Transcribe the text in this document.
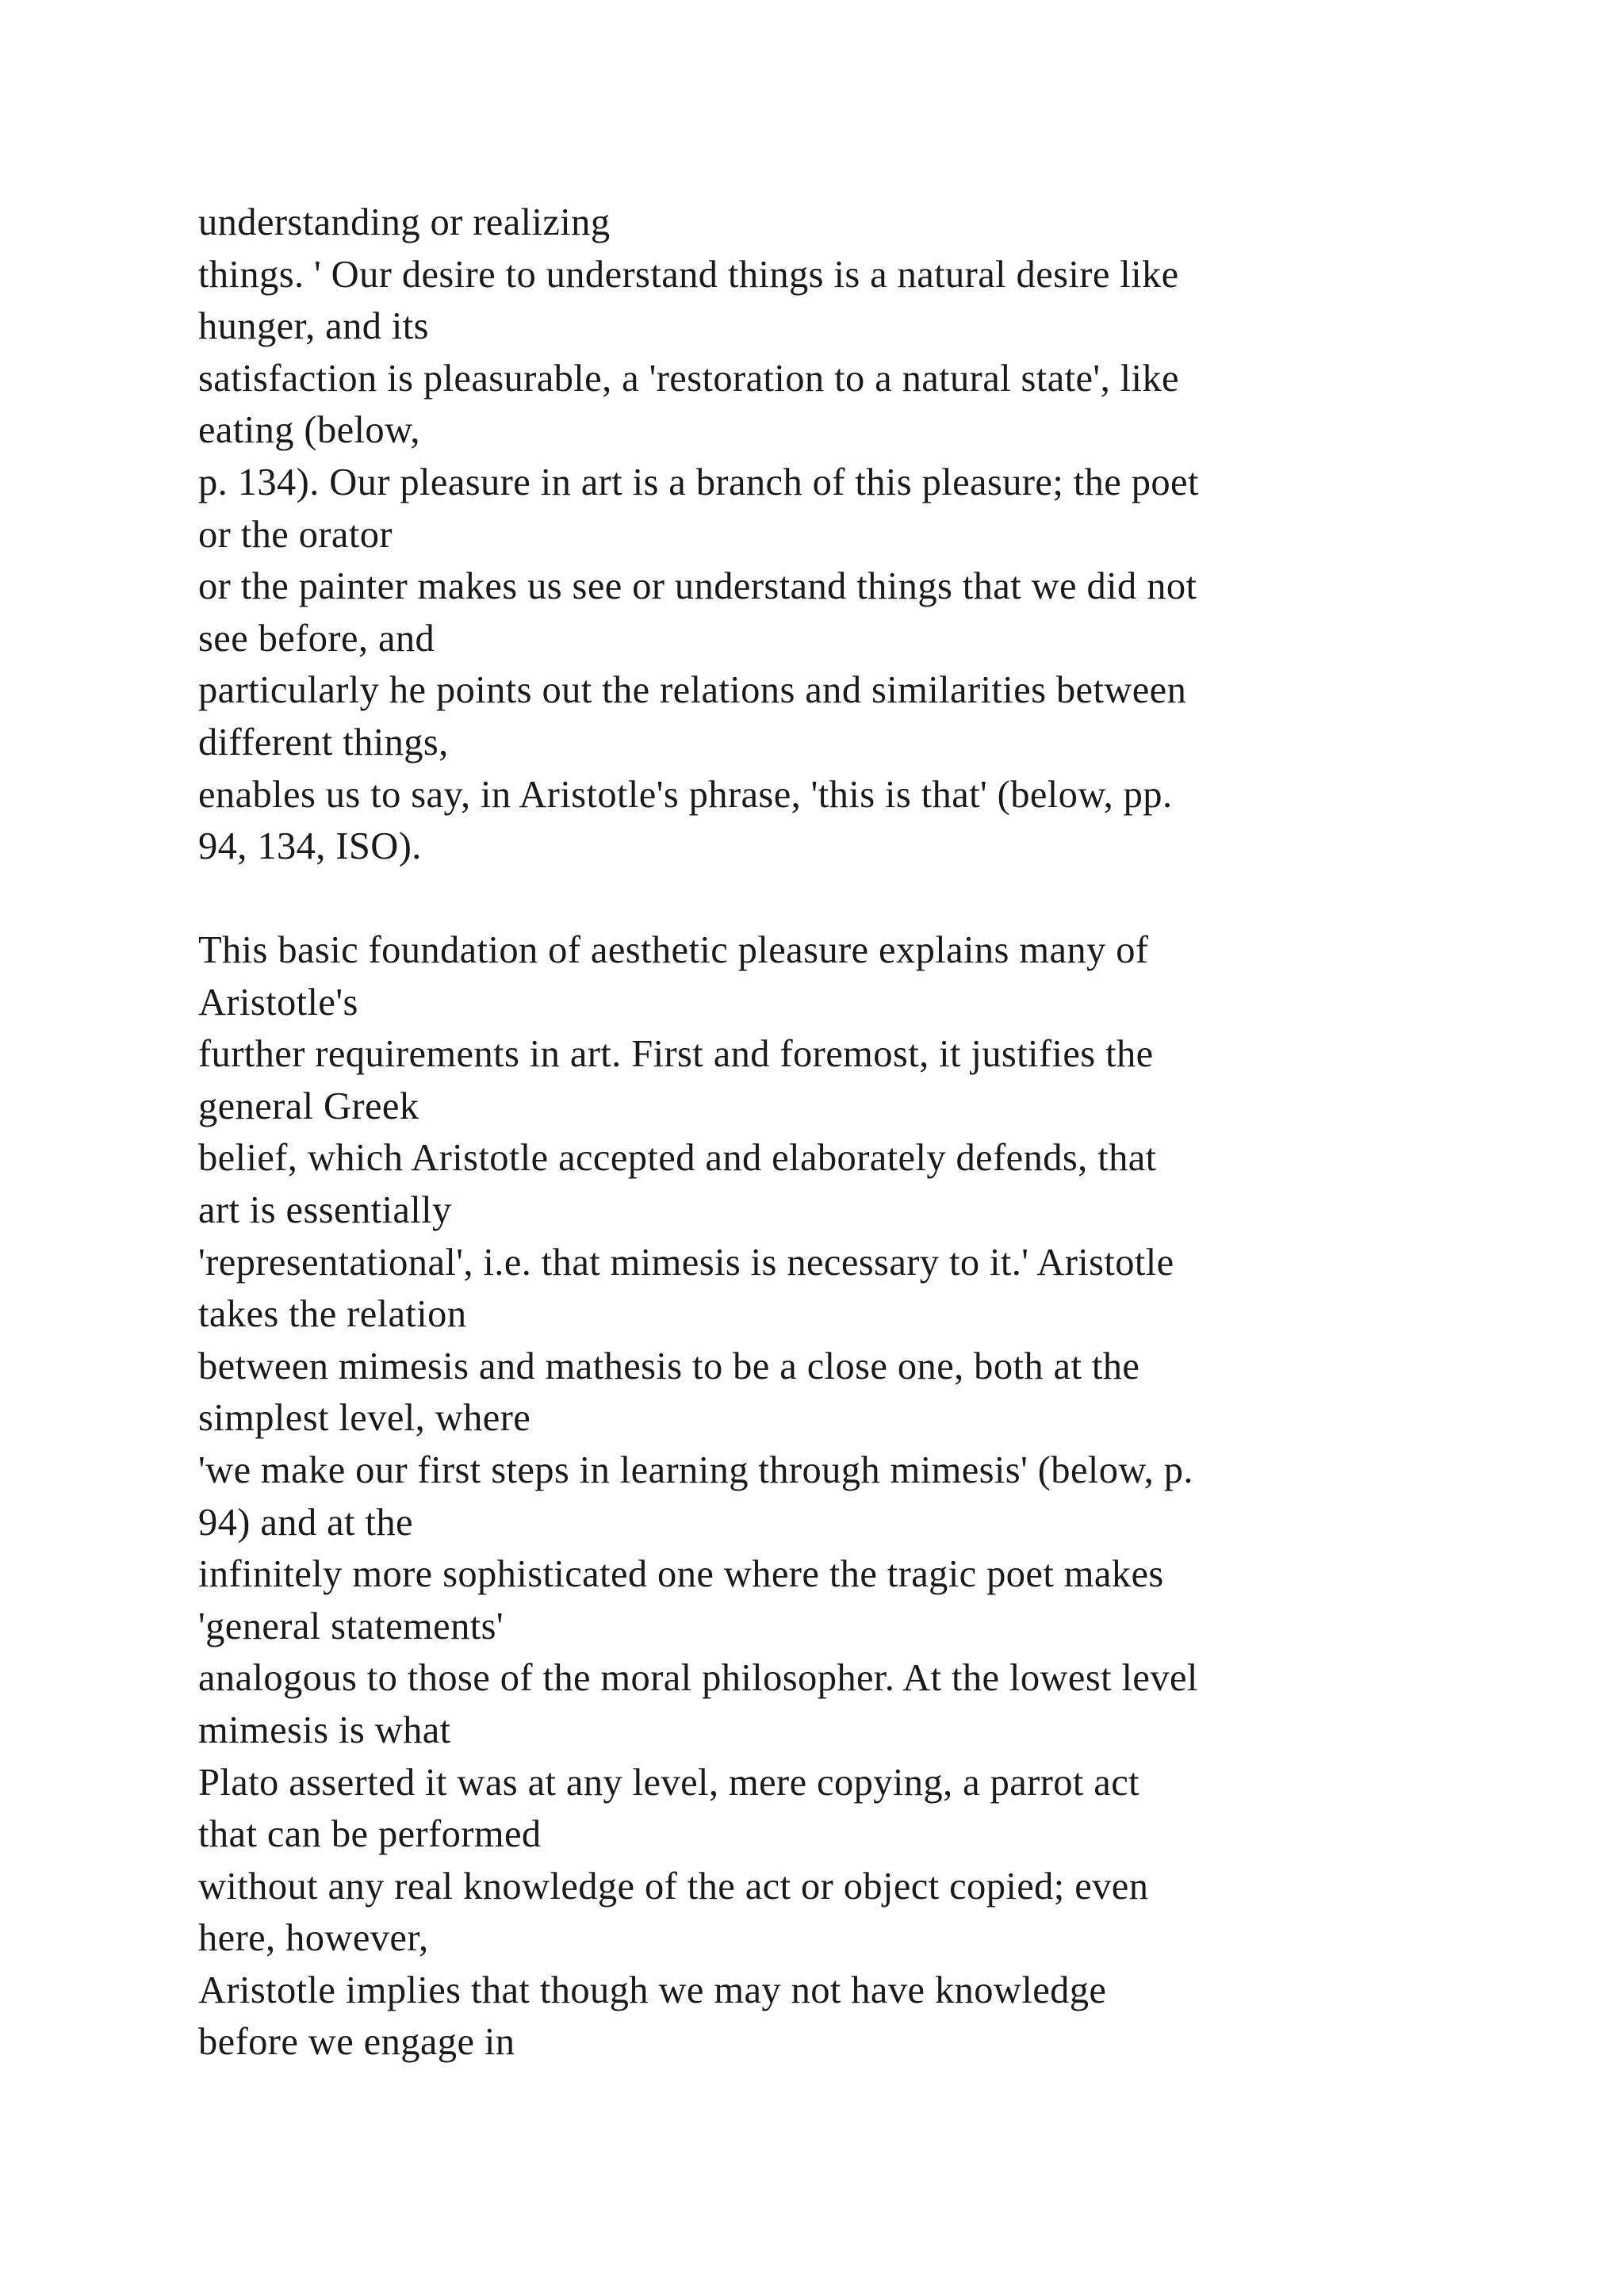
understanding or realizing
things. ' Our desire to understand things is a natural desire like
hunger, and its
satisfaction is pleasurable, a 'restoration to a natural state', like
eating (below,
p. 134). Our pleasure in art is a branch of this pleasure; the poet
or the orator
or the painter makes us see or understand things that we did not
see before, and
particularly he points out the relations and similarities between
different things,
enables us to say, in Aristotle's phrase, 'this is that' (below, pp.
94, 134, ISO).
This basic foundation of aesthetic pleasure explains many of
Aristotle's
further requirements in art. First and foremost, it justifies the
general Greek
belief, which Aristotle accepted and elaborately defends, that
art is essentially
'representational', i.e. that mimesis is necessary to it.' Aristotle
takes the relation
between mimesis and mathesis to be a close one, both at the
simplest level, where
'we make our first steps in learning through mimesis' (below, p.
94) and at the
infinitely more sophisticated one where the tragic poet makes
'general statements'
analogous to those of the moral philosopher. At the lowest level
mimesis is what
Plato asserted it was at any level, mere copying, a parrot act
that can be performed
without any real knowledge of the act or object copied; even
here, however,
Aristotle implies that though we may not have knowledge
before we engage in
